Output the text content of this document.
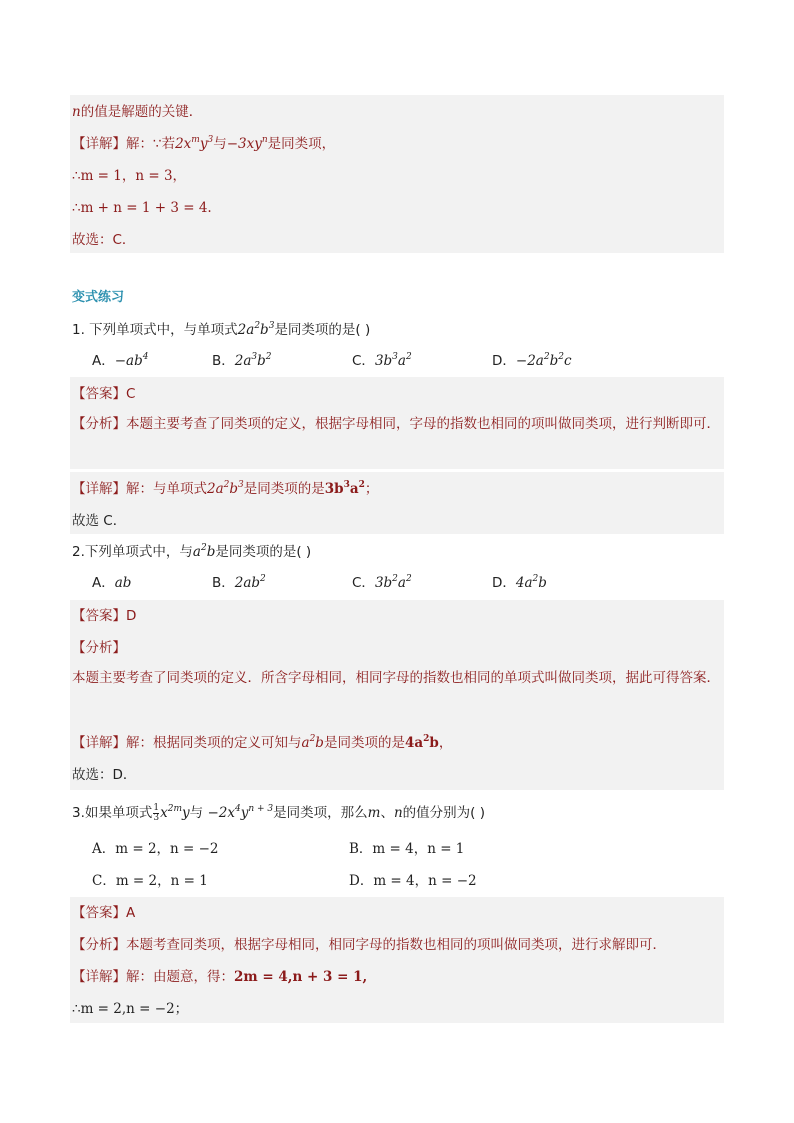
n的值是解题的关键．
【详解】解：∵若$2x^my^3$与$-3xy^n$是同类项，
∴m = 1，n = 3，
∴m + n = 1 + 3 = 4.
故选：C．
变式练习
1. 下列单项式中，与单项式$2a^2b^3$是同类项的是( )
A．$-ab^4$	B．$2a^3b^2$	C．$3b^3a^2$	D．$-2a^2b^2c$
【答案】C
【分析】本题主要考查了同类项的定义，根据字母相同，字母的指数也相同的项叫做同类项，进行判断即可．
【详解】解：与单项式$2a^2b^3$是同类项的是$3b^3a^2$；
故选 C．
2.下列单项式中，与$a^2b$是同类项的是( )
A．ab	B．$2ab^2$	C．$3b^2a^2$	D．$4a^2b$
【答案】D
【分析】
本题主要考查了同类项的定义．所含字母相同，相同字母的指数也相同的单项式叫做同类项，据此可得答案．
【详解】解：根据同类项的定义可知与$a^2b$是同类项的是$4a^2b$，
故选：D．
3.如果单项式 $\frac{1}{3} x^{2m}y$与 $-2x^4y^{n + 3}$是同类项，那么m、n的值分别为( )
A．m = 2，n = −2	B．m = 4，n = 1
C．m = 2，n = 1	D．m = 4，n = −2
【答案】A
【分析】本题考查同类项，根据字母相同，相同字母的指数也相同的项叫做同类项，进行求解即可．
【详解】解：由题意，得：2m = 4,n + 3 = 1,
∴m = 2,n = −2；
